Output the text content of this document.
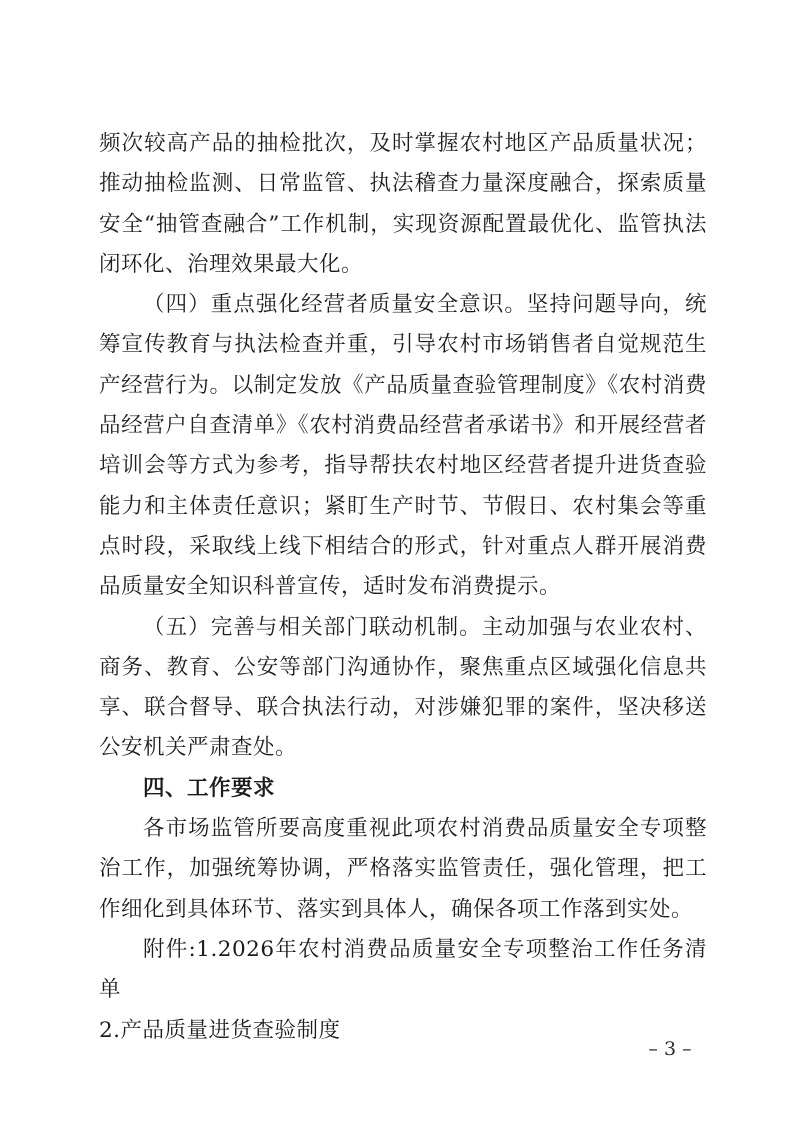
频次较高产品的抽检批次，及时掌握农村地区产品质量状况；推动抽检监测、日常监管、执法稽查力量深度融合，探索质量安全“抽管查融合”工作机制，实现资源配置最优化、监管执法闭环化、治理效果最大化。

（四）重点强化经营者质量安全意识。坚持问题导向，统筹宣传教育与执法检查并重，引导农村市场销售者自觉规范生产经营行为。以制定发放《产品质量查验管理制度》《农村消费品经营户自查清单》《农村消费品经营者承诺书》和开展经营者培训会等方式为参考，指导帮扶农村地区经营者提升进货查验能力和主体责任意识；紧盯生产时节、节假日、农村集会等重点时段，采取线上线下相结合的形式，针对重点人群开展消费品质量安全知识科普宣传，适时发布消费提示。

（五）完善与相关部门联动机制。主动加强与农业农村、商务、教育、公安等部门沟通协作，聚焦重点区域强化信息共享、联合督导、联合执法行动，对涉嫌犯罪的案件，坚决移送公安机关严肃查处。

四、工作要求

各市场监管所要高度重视此项农村消费品质量安全专项整治工作，加强统筹协调，严格落实监管责任，强化管理，把工作细化到具体环节、落实到具体人，确保各项工作落到实处。

附件:1.2026年农村消费品质量安全专项整治工作任务清单

2.产品质量进货查验制度

– 3 –
